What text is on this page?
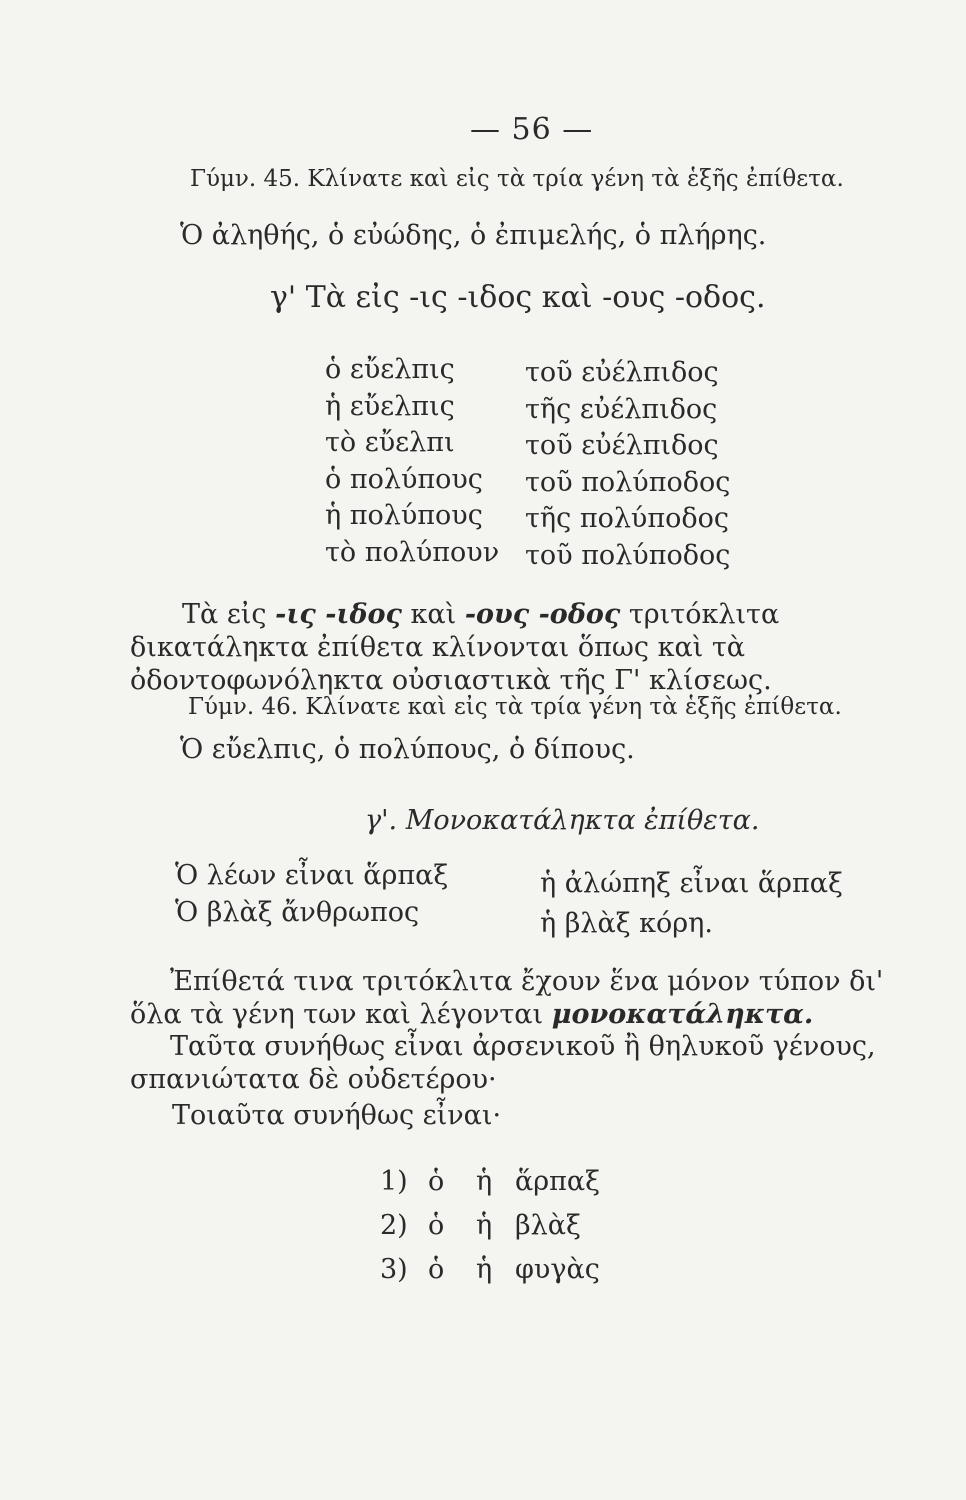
— 56 —
Γύμν. 45. Κλίνατε καὶ εἰς τὰ τρία γένη τὰ ἑξῆς ἐπίθετα.
Ὁ ἀληθής, ὁ εὐώδης, ὁ ἐπιμελής, ὁ πλήρης.
γ' Τὰ εἰς -ις -ιδος καὶ -ους -οδος.
ὁ εὔελπις
ἡ εὔελπις
τὸ εὔελπι
ὁ πολύπους
ἡ πολύπους
τὸ πολύπουν
τοῦ εὐέλπιδος
τῆς εὐέλπιδος
τοῦ εὐέλπιδος
τοῦ πολύποδος
τῆς πολύποδος
τοῦ πολύποδος
Τὰ εἰς -ις -ιδος καὶ -ους -οδος τριτόκλιτα δικατάληκτα ἐπίθετα κλίνονται ὅπως καὶ τὰ ὀδοντοφωνόληκτα οὐσιαστικὰ τῆς Γ' κλίσεως.
Γύμν. 46. Κλίνατε καὶ εἰς τὰ τρία γένη τὰ ἑξῆς ἐπίθετα.
Ὁ εὔελπις, ὁ πολύπους, ὁ δίπους.
γ'. Μονοκατάληκτα ἐπίθετα.
Ὁ λέων εἶναι ἅρπαξ	ἡ ἀλώπηξ εἶναι ἅρπαξ
Ὁ βλὰξ ἄνθρωπος	ἡ βλὰξ κόρη.
Ἐπίθετά τινα τριτόκλιτα ἔχουν ἕνα μόνον τύπον δι' ὅλα τὰ γένη των καὶ λέγονται μονοκατάληκτα.
Ταῦτα συνήθως εἶναι ἀρσενικοῦ ἢ θηλυκοῦ γένους, σπανιώτατα δὲ οὐδετέρου·
Τοιαῦτα συνήθως εἶναι·
1) ὁ ἡ ἅρπαξ
2) ὁ ἡ βλὰξ
3) ὁ ἡ φυγὰς
